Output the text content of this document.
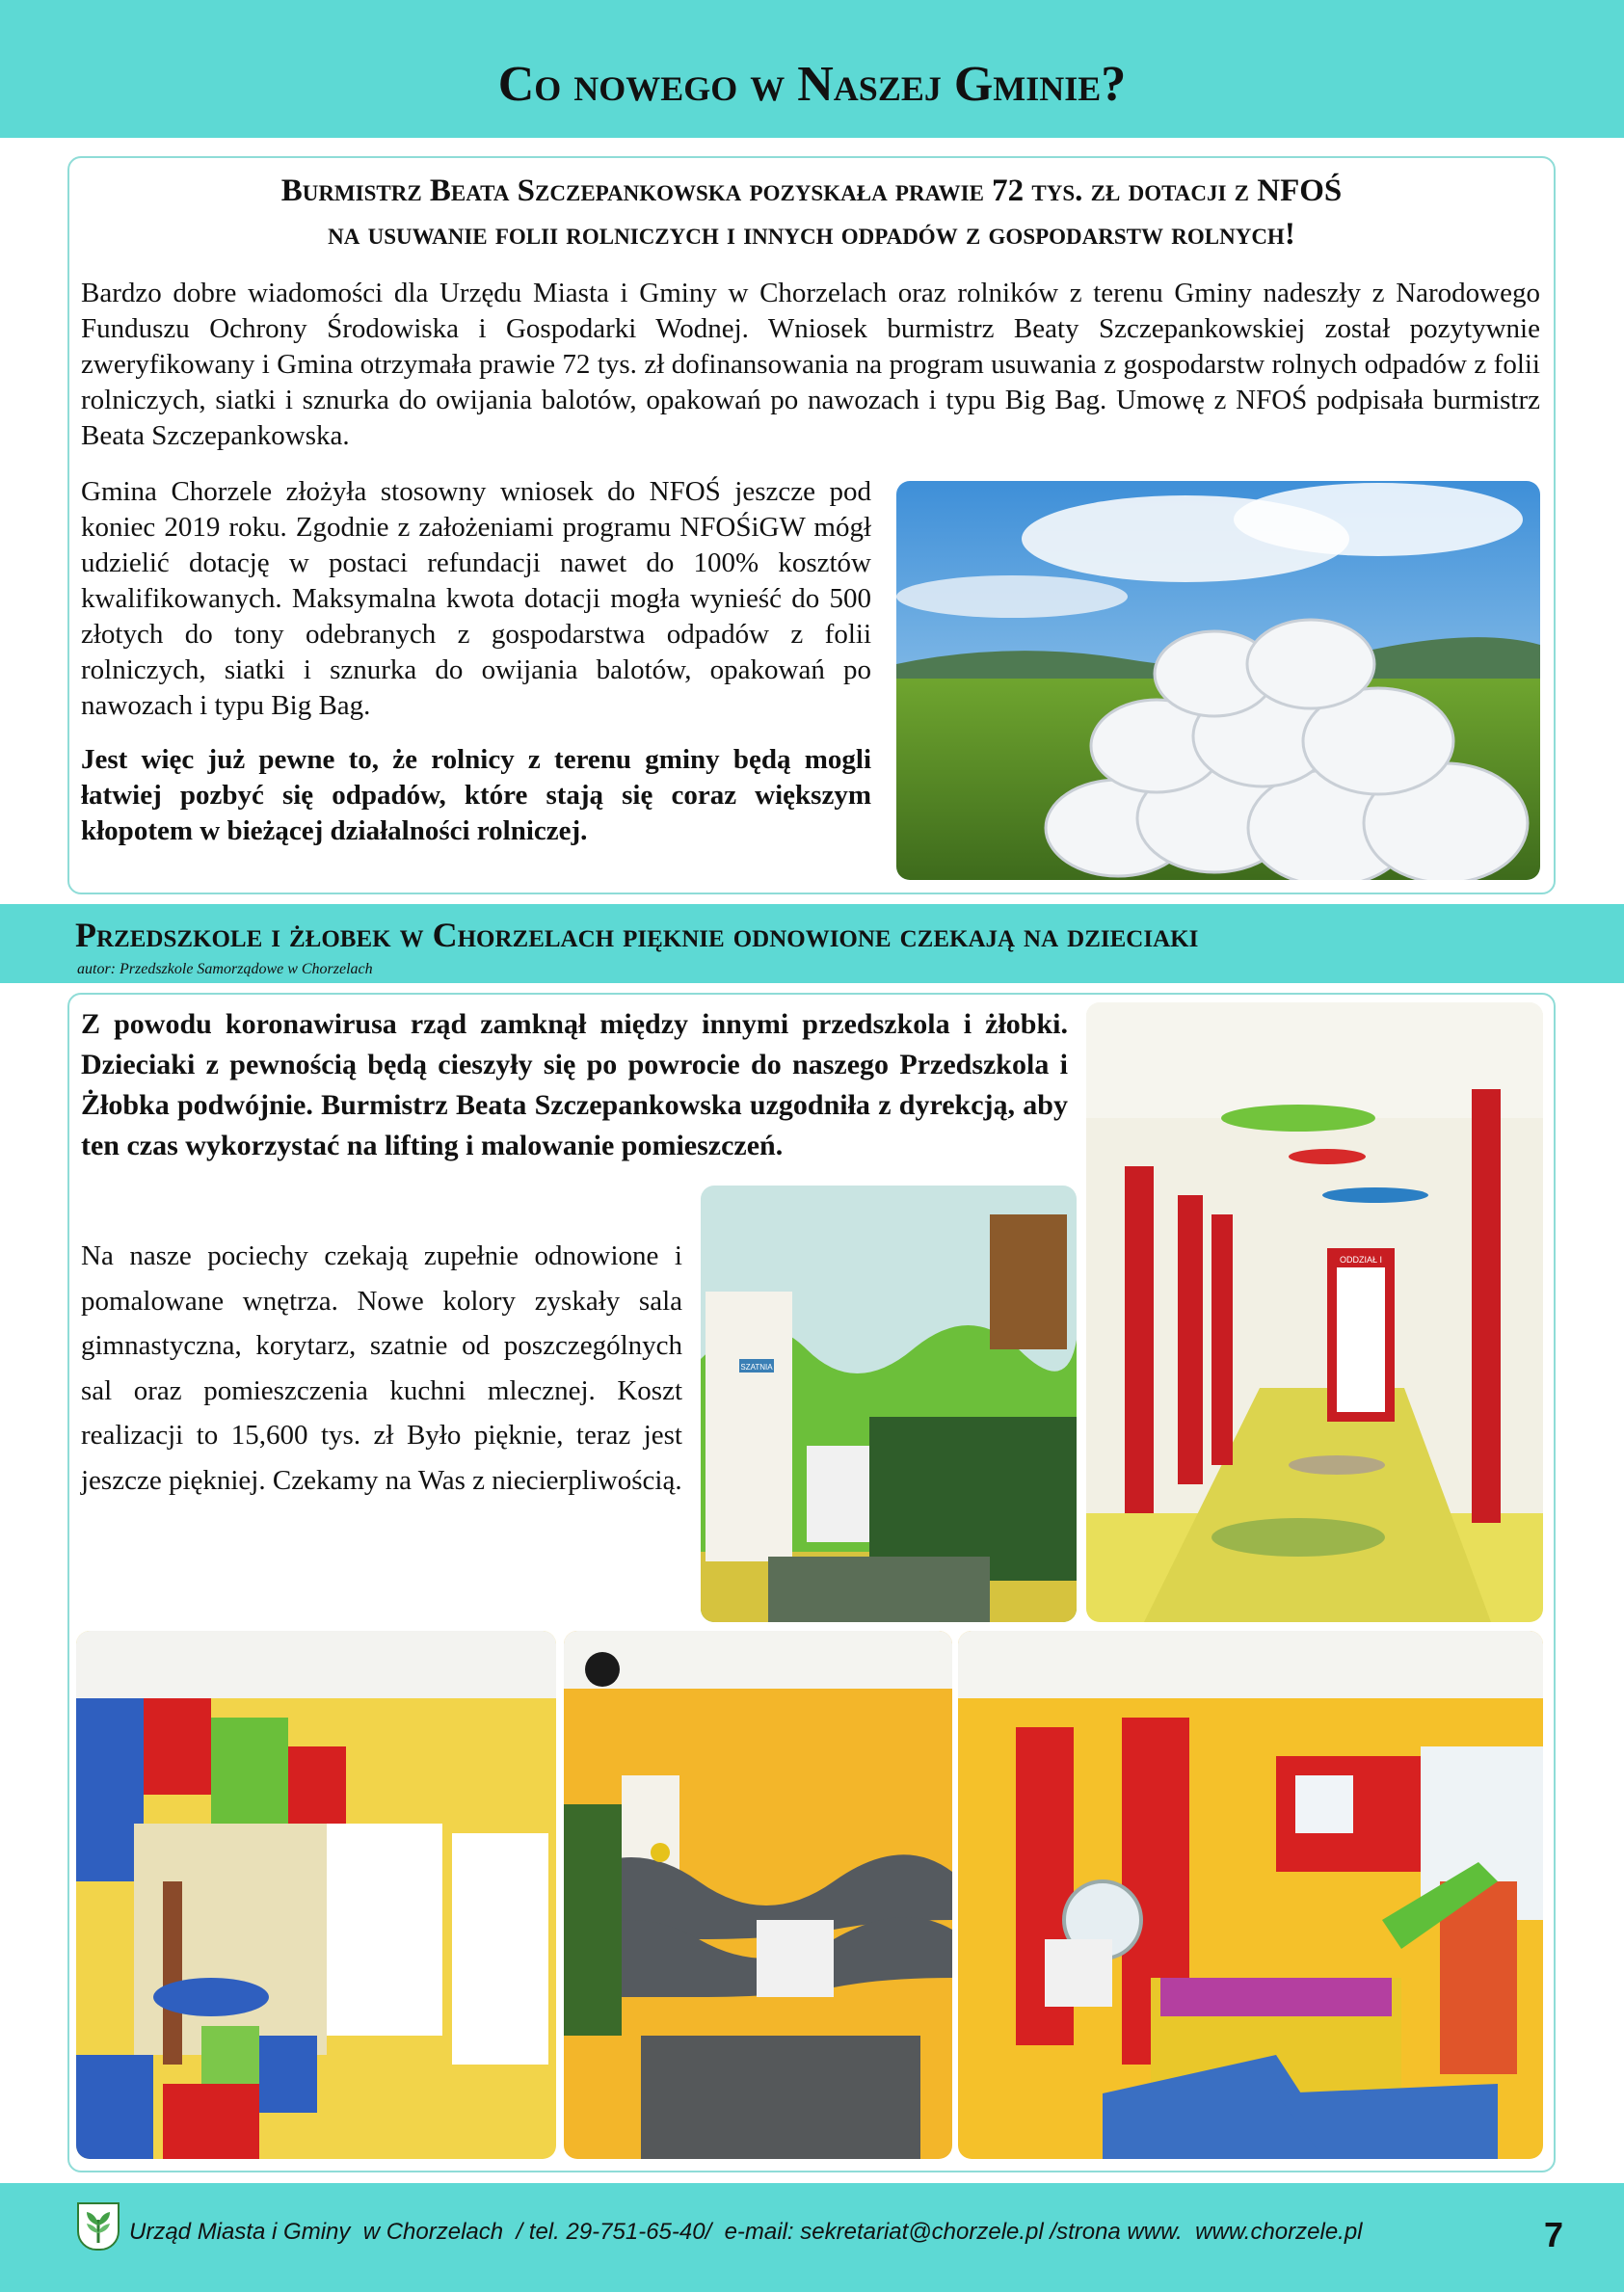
Co nowego w Naszej Gminie?
Burmistrz Beata Szczepankowska pozyskała prawie 72 tys. zł dotacji z NFOŚ
na usuwanie folii rolniczych i innych odpadów z gospodarstw rolnych!

Bardzo dobre wiadomości dla Urzędu Miasta i Gminy w Chorzelach oraz rolników z terenu Gminy nadeszły z Narodowego Funduszu Ochrony Środowiska i Gospodarki Wodnej. Wniosek burmistrz Beaty Szczepankowskiej został pozytywnie zweryfikowany i Gmina otrzymała prawie 72 tys. zł dofinansowania na program usuwania z gospodarstw rolnych odpadów z folii rolniczych, siatki i sznurka do owijania balotów, opakowań po nawozach i typu Big Bag. Umowę z NFOŚ podpisała burmistrz Beata Szczepankowska.

Gmina Chorzele złożyła stosowny wniosek do NFOŚ jeszcze pod koniec 2019 roku. Zgodnie z założeniami programu NFOŚiGW mógł udzielić dotację w postaci refundacji nawet do 100% kosztów kwalifikowanych. Maksymalna kwota dotacji mogła wynieść do 500 złotych do tony odebranych z gospodarstwa odpadów z folii rolniczych, siatki i sznurka do owijania balotów, opakowań po nawozach i typu Big Bag.

Jest więc już pewne to, że rolnicy z terenu gminy będą mogli łatwiej pozbyć się odpadów, które stają się coraz większym kłopotem w bieżącej działalności rolniczej.

Przedszkole i żłobek w Chorzelach pięknie odnowione czekają na dzieciaki
autor: Przedszkole Samorządowe w Chorzelach

Z powodu koronawirusa rząd zamknął między innymi przedszkola i żłobki. Dzieciaki z pewnością będą cieszyły się po powrocie do naszego Przedszkola i Żłobka podwójnie. Burmistrz Beata Szczepankowska uzgodniła z dyrekcją, aby ten czas wykorzystać na lifting i malowanie pomieszczeń.

Na nasze pociechy czekają zupełnie odnowione i pomalowane wnętrza. Nowe kolory zyskały sala gimnastyczna, korytarz, szatnie od poszczególnych sal oraz pomieszczenia kuchni mlecznej. Koszt realizacji to 15,600 tys. zł Było pięknie, teraz jest jeszcze piękniej. Czekamy na Was z niecierpliwością.

ODDZIAŁ I
SZATNIA
Urząd Miasta i Gminy  w Chorzelach  / tel. 29-751-65-40/  e-mail: sekretariat@chorzele.pl /strona www.  www.chorzele.pl	7
